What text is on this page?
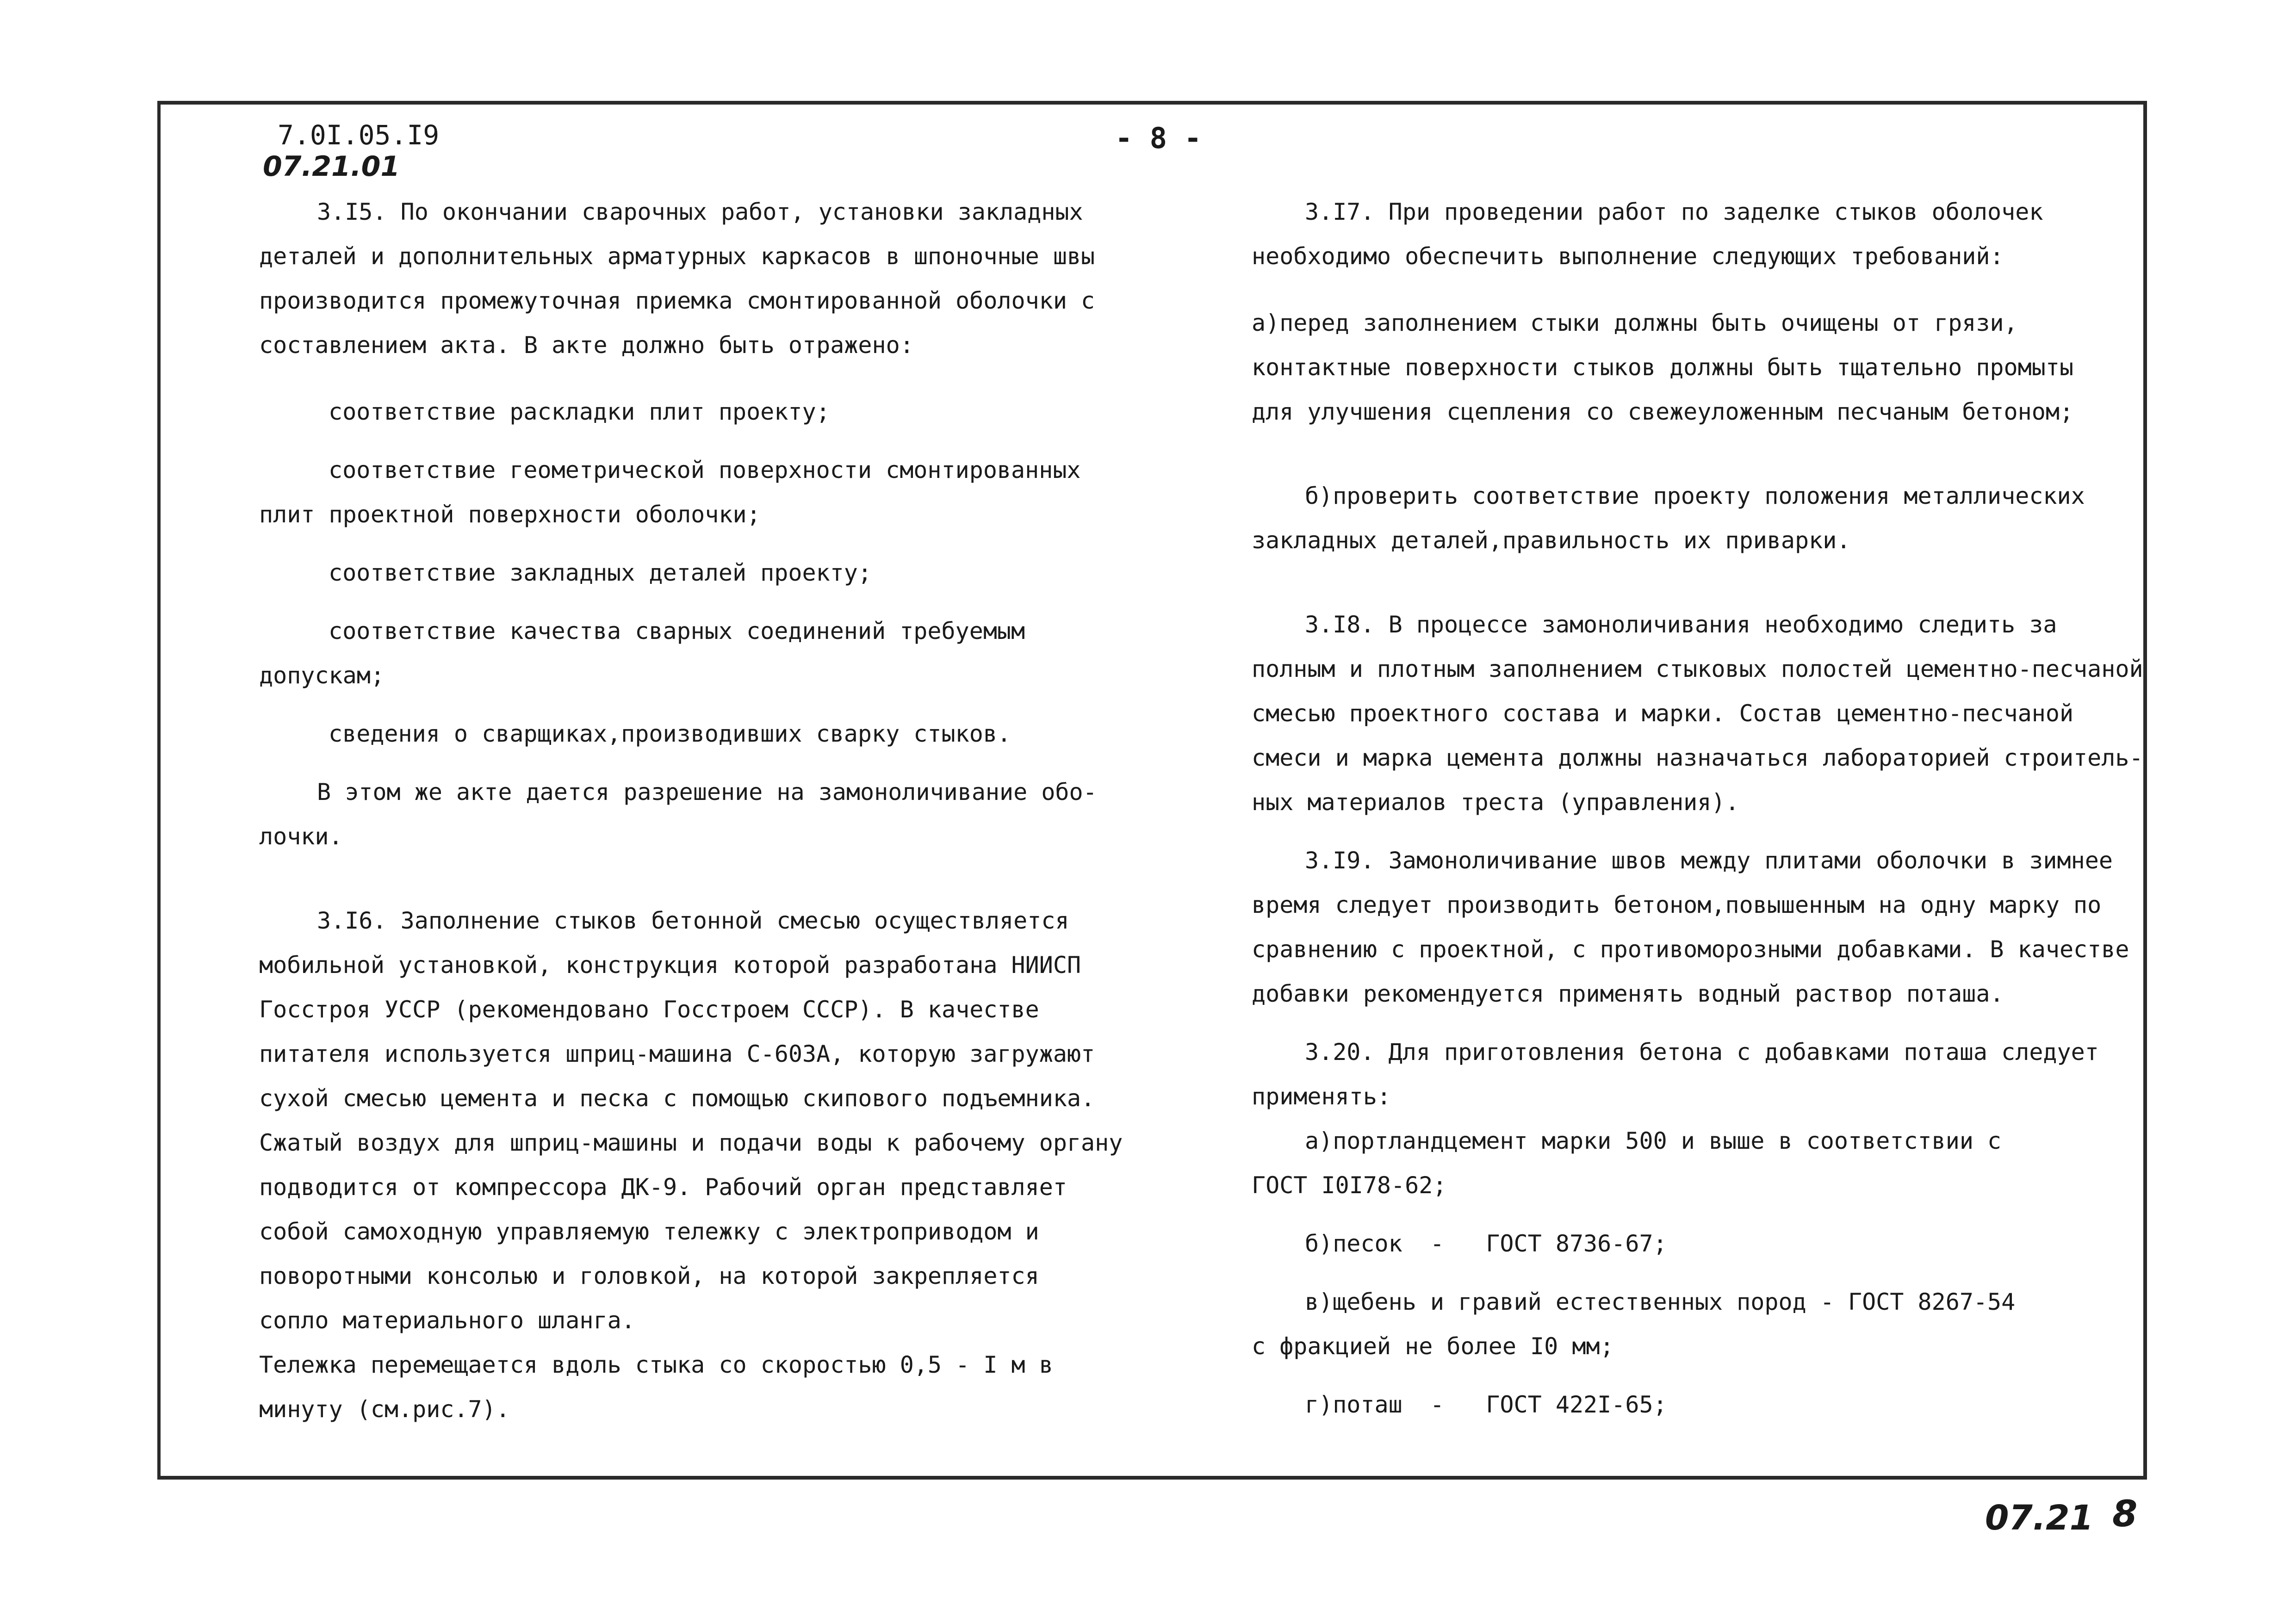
7.0I.05.I9
07.21.01
- 8 -

3.I5. По окончании сварочных работ, установки закладных

деталей и дополнительных арматурных каркасов в шпоночные швы

производится промежуточная приемка смонтированной оболочки с

составлением акта. В акте должно быть отражено:

соответствие раскладки плит проекту;

соответствие геометрической поверхности смонтированных

плит проектной поверхности оболочки;

соответствие закладных деталей проекту;

соответствие качества сварных соединений требуемым

допускам;

сведения о сварщиках,производивших сварку стыков.

В этом же акте дается разрешение на замоноличивание обо-

лочки.

3.I6. Заполнение стыков бетонной смесью осуществляется

мобильной установкой, конструкция которой разработана НИИСП

Госстроя УССР (рекомендовано Госстроем СССР). В качестве

питателя используется шприц-машина С-603А, которую загружают

сухой смесью цемента и песка с помощью скипового подъемника.

Сжатый воздух для шприц-машины и подачи воды к рабочему органу

подводится от компрессора ДК-9. Рабочий орган представляет

собой самоходную управляемую тележку с электроприводом и

поворотными консолью и головкой, на которой закрепляется

сопло материального шланга.

Тележка перемещается вдоль стыка со скоростью 0,5 - I м в

минуту (см.рис.7).

3.I7. При проведении работ по заделке стыков оболочек

необходимо обеспечить выполнение следующих требований:

а)перед заполнением стыки должны быть очищены от грязи,

контактные поверхности стыков должны быть тщательно промыты

для улучшения сцепления со свежеуложенным песчаным бетоном;

б)проверить соответствие проекту положения металлических

закладных деталей,правильность их приварки.

3.I8. В процессе замоноличивания необходимо следить за

полным и плотным заполнением стыковых полостей цементно-песчаной

смесью проектного состава и марки. Состав цементно-песчаной

смеси и марка цемента должны назначаться лабораторией строитель-

ных материалов треста (управления).

3.I9. Замоноличивание швов между плитами оболочки в зимнее

время следует производить бетоном,повышенным на одну марку по

сравнению с проектной, с противоморозными добавками. В качестве

добавки рекомендуется применять водный раствор поташа.

3.20. Для приготовления бетона с добавками поташа следует

применять:

а)портландцемент марки 500 и выше в соответствии с

ГОСТ I0I78-62;

б)песок  -   ГОСТ 8736-67;

в)щебень и гравий естественных пород - ГОСТ 8267-54

с фракцией не более I0 мм;

г)поташ  -   ГОСТ 422I-65;

07.21 8
